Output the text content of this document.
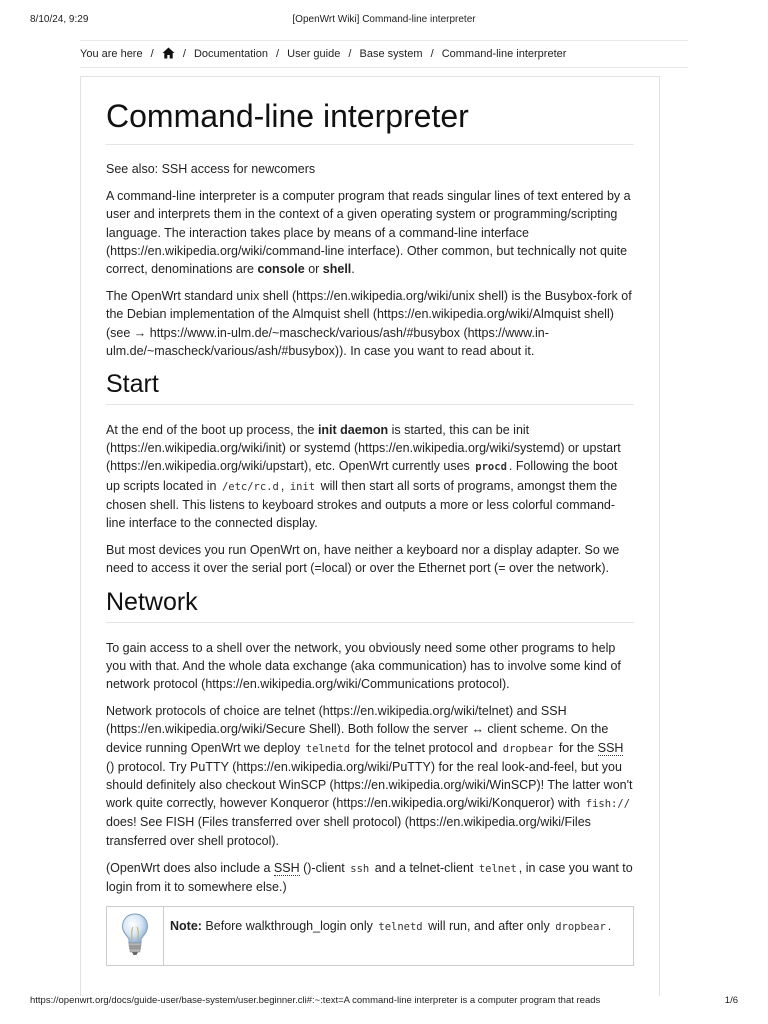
8/10/24, 9:29	[OpenWrt Wiki] Command-line interpreter
You are here /	/ Documentation / User guide / Base system / Command-line interpreter
Command-line interpreter

See also: SSH access for newcomers

A command-line interpreter is a computer program that reads singular lines of text entered by a user and interprets them in the context of a given operating system or programming/scripting language. The interaction takes place by means of a command-line interface (https://en.wikipedia.org/wiki/command-line interface). Other common, but technically not quite correct, denominations are console or shell.

The OpenWrt standard unix shell (https://en.wikipedia.org/wiki/unix shell) is the Busybox-fork of the Debian implementation of the Almquist shell (https://en.wikipedia.org/wiki/Almquist shell) (see → https://www.in-ulm.de/~mascheck/various/ash/#busybox (https://www.in-ulm.de/~mascheck/various/ash/#busybox)). In case you want to read about it.

Start

At the end of the boot up process, the init daemon is started, this can be init (https://en.wikipedia.org/wiki/init) or systemd (https://en.wikipedia.org/wiki/systemd) or upstart (https://en.wikipedia.org/wiki/upstart), etc. OpenWrt currently uses procd . Following the boot up scripts located in /etc/rc.d , init will then start all sorts of programs, amongst them the chosen shell. This listens to keyboard strokes and outputs a more or less colorful command-line interface to the connected display.

But most devices you run OpenWrt on, have neither a keyboard nor a display adapter. So we need to access it over the serial port (=local) or over the Ethernet port (= over the network).

Network

To gain access to a shell over the network, you obviously need some other programs to help you with that. And the whole data exchange (aka communication) has to involve some kind of network protocol (https://en.wikipedia.org/wiki/Communications protocol).

Network protocols of choice are telnet (https://en.wikipedia.org/wiki/telnet) and SSH (https://en.wikipedia.org/wiki/Secure Shell). Both follow the server ↔ client scheme. On the device running OpenWrt we deploy telnetd for the telnet protocol and dropbear for the SSH () protocol. Try PuTTY (https://en.wikipedia.org/wiki/PuTTY) for the real look-and-feel, but you should definitely also checkout WinSCP (https://en.wikipedia.org/wiki/WinSCP)! The latter won't work quite correctly, however Konqueror (https://en.wikipedia.org/wiki/Konqueror) with fish:// does! See FISH (Files transferred over shell protocol) (https://en.wikipedia.org/wiki/Files transferred over shell protocol).

(OpenWrt does also include a SSH ()-client ssh and a telnet-client telnet , in case you want to login from it to somewhere else.)

Note: Before walkthrough_login only telnetd will run, and after only dropbear .
https://openwrt.org/docs/guide-user/base-system/user.beginner.cli#:~:text=A command-line interpreter is a computer program that reads	1/6
